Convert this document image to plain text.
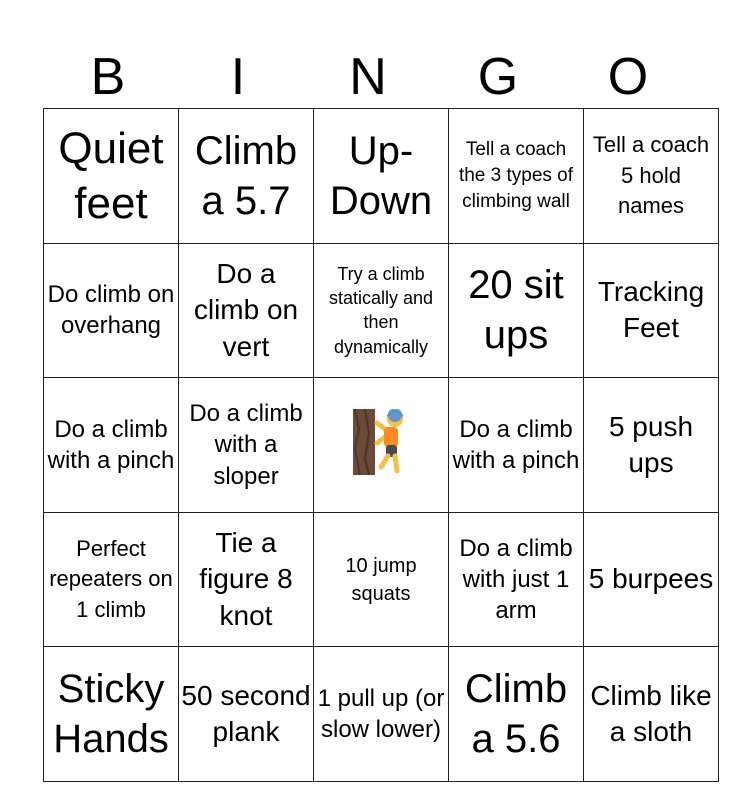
B	I	N	G	O
Quiet feet	Climb a 5.7	Up-Down	Tell a coach the 3 types of climbing wall	Tell a coach 5 hold names
Do climb on overhang	Do a climb on vert	Try a climb statically and then dynamically	20 sit ups	Tracking Feet
Do a climb with a pinch	Do a climb with a sloper		Do a climb with a pinch	5 push ups
Perfect repeaters on 1 climb	Tie a figure 8 knot	10 jump squats	Do a climb with just 1 arm	5 burpees
Sticky Hands	50 second plank	1 pull up (or slow lower)	Climb a 5.6	Climb like a sloth
